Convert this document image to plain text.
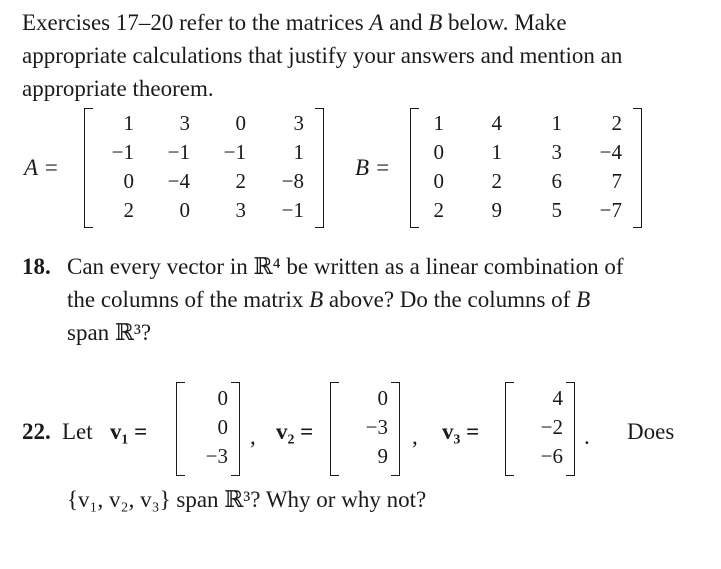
Exercises 17–20 refer to the matrices A and B below. Make
appropriate calculations that justify your answers and mention an
appropriate theorem.
A =
1	3	0	3
−1	−1	−1	1
0	−4	2	−8
2	0	3	−1
B =
1	4	1	2
0	1	3	−4
0	2	6	7
2	9	5	−7
18. Can every vector in ℝ⁴ be written as a linear combination of
the columns of the matrix B above? Do the columns of B
span ℝ³?
22. Let v₁ =
0
0
−3
, v₂ =
0
−3
9
, v₃ =
4
−2
−6
. Does
{v₁, v₂, v₃} span ℝ³? Why or why not?
